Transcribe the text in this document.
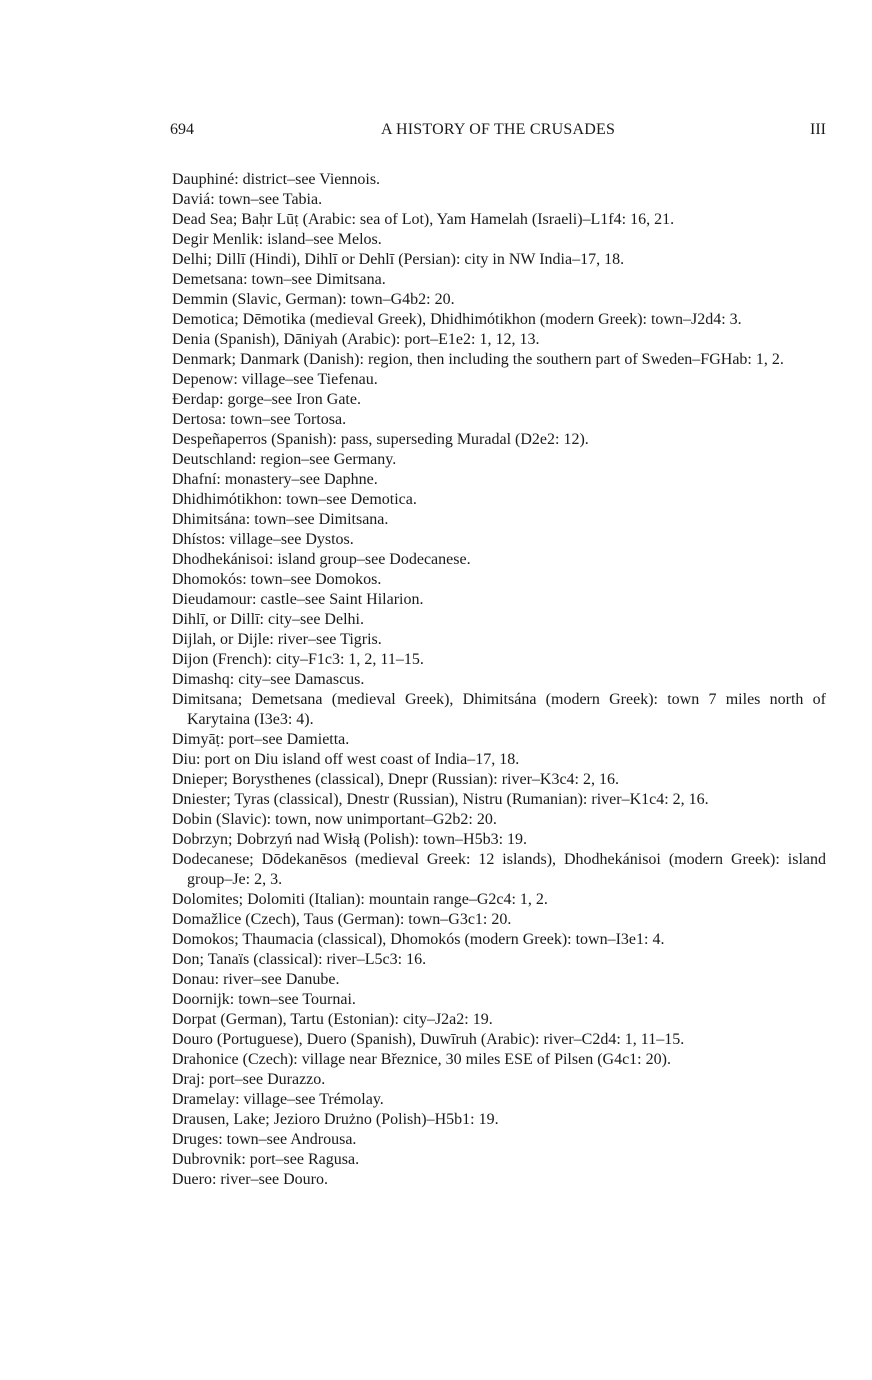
694	A HISTORY OF THE CRUSADES	III

Dauphiné: district–see Viennois.

Daviá: town–see Tabia.

Dead Sea; Baḥr Lūṭ (Arabic: sea of Lot), Yam Hamelah (Israeli)–L1f4: 16, 21.

Degir Menlik: island–see Melos.

Delhi; Dillī (Hindi), Dihlī or Dehlī (Persian): city in NW India–17, 18.

Demetsana: town–see Dimitsana.

Demmin (Slavic, German): town–G4b2: 20.

Demotica; Dēmotika (medieval Greek), Dhidhimótikhon (modern Greek): town–J2d4: 3.

Denia (Spanish), Dāniyah (Arabic): port–E1e2: 1, 12, 13.

Denmark; Danmark (Danish): region, then including the southern part of Sweden–FGHab: 1, 2.

Depenow: village–see Tiefenau.

Đerdap: gorge–see Iron Gate.

Dertosa: town–see Tortosa.

Despeñaperros (Spanish): pass, superseding Muradal (D2e2: 12).

Deutschland: region–see Germany.

Dhafní: monastery–see Daphne.

Dhidhimótikhon: town–see Demotica.

Dhimitsána: town–see Dimitsana.

Dhístos: village–see Dystos.

Dhodhekánisoi: island group–see Dodecanese.

Dhomokós: town–see Domokos.

Dieudamour: castle–see Saint Hilarion.

Dihlī, or Dillī: city–see Delhi.

Dijlah, or Dijle: river–see Tigris.

Dijon (French): city–F1c3: 1, 2, 11–15.

Dimashq: city–see Damascus.

Dimitsana; Demetsana (medieval Greek), Dhimitsána (modern Greek): town 7 miles north of Karytaina (I3e3: 4).

Dimyāṭ: port–see Damietta.

Diu: port on Diu island off west coast of India–17, 18.

Dnieper; Borysthenes (classical), Dnepr (Russian): river–K3c4: 2, 16.

Dniester; Tyras (classical), Dnestr (Russian), Nistru (Rumanian): river–K1c4: 2, 16.

Dobin (Slavic): town, now unimportant–G2b2: 20.

Dobrzyn; Dobrzyń nad Wisłą (Polish): town–H5b3: 19.

Dodecanese; Dōdekanēsos (medieval Greek: 12 islands), Dhodhekánisoi (modern Greek): island group–Je: 2, 3.

Dolomites; Dolomiti (Italian): mountain range–G2c4: 1, 2.

Domažlice (Czech), Taus (German): town–G3c1: 20.

Domokos; Thaumacia (classical), Dhomokós (modern Greek): town–I3e1: 4.

Don; Tanaïs (classical): river–L5c3: 16.

Donau: river–see Danube.

Doornijk: town–see Tournai.

Dorpat (German), Tartu (Estonian): city–J2a2: 19.

Douro (Portuguese), Duero (Spanish), Duwīruh (Arabic): river–C2d4: 1, 11–15.

Drahonice (Czech): village near Březnice, 30 miles ESE of Pilsen (G4c1: 20).

Draj: port–see Durazzo.

Dramelay: village–see Trémolay.

Drausen, Lake; Jezioro Drużno (Polish)–H5b1: 19.

Druges: town–see Androusa.

Dubrovnik: port–see Ragusa.

Duero: river–see Douro.
